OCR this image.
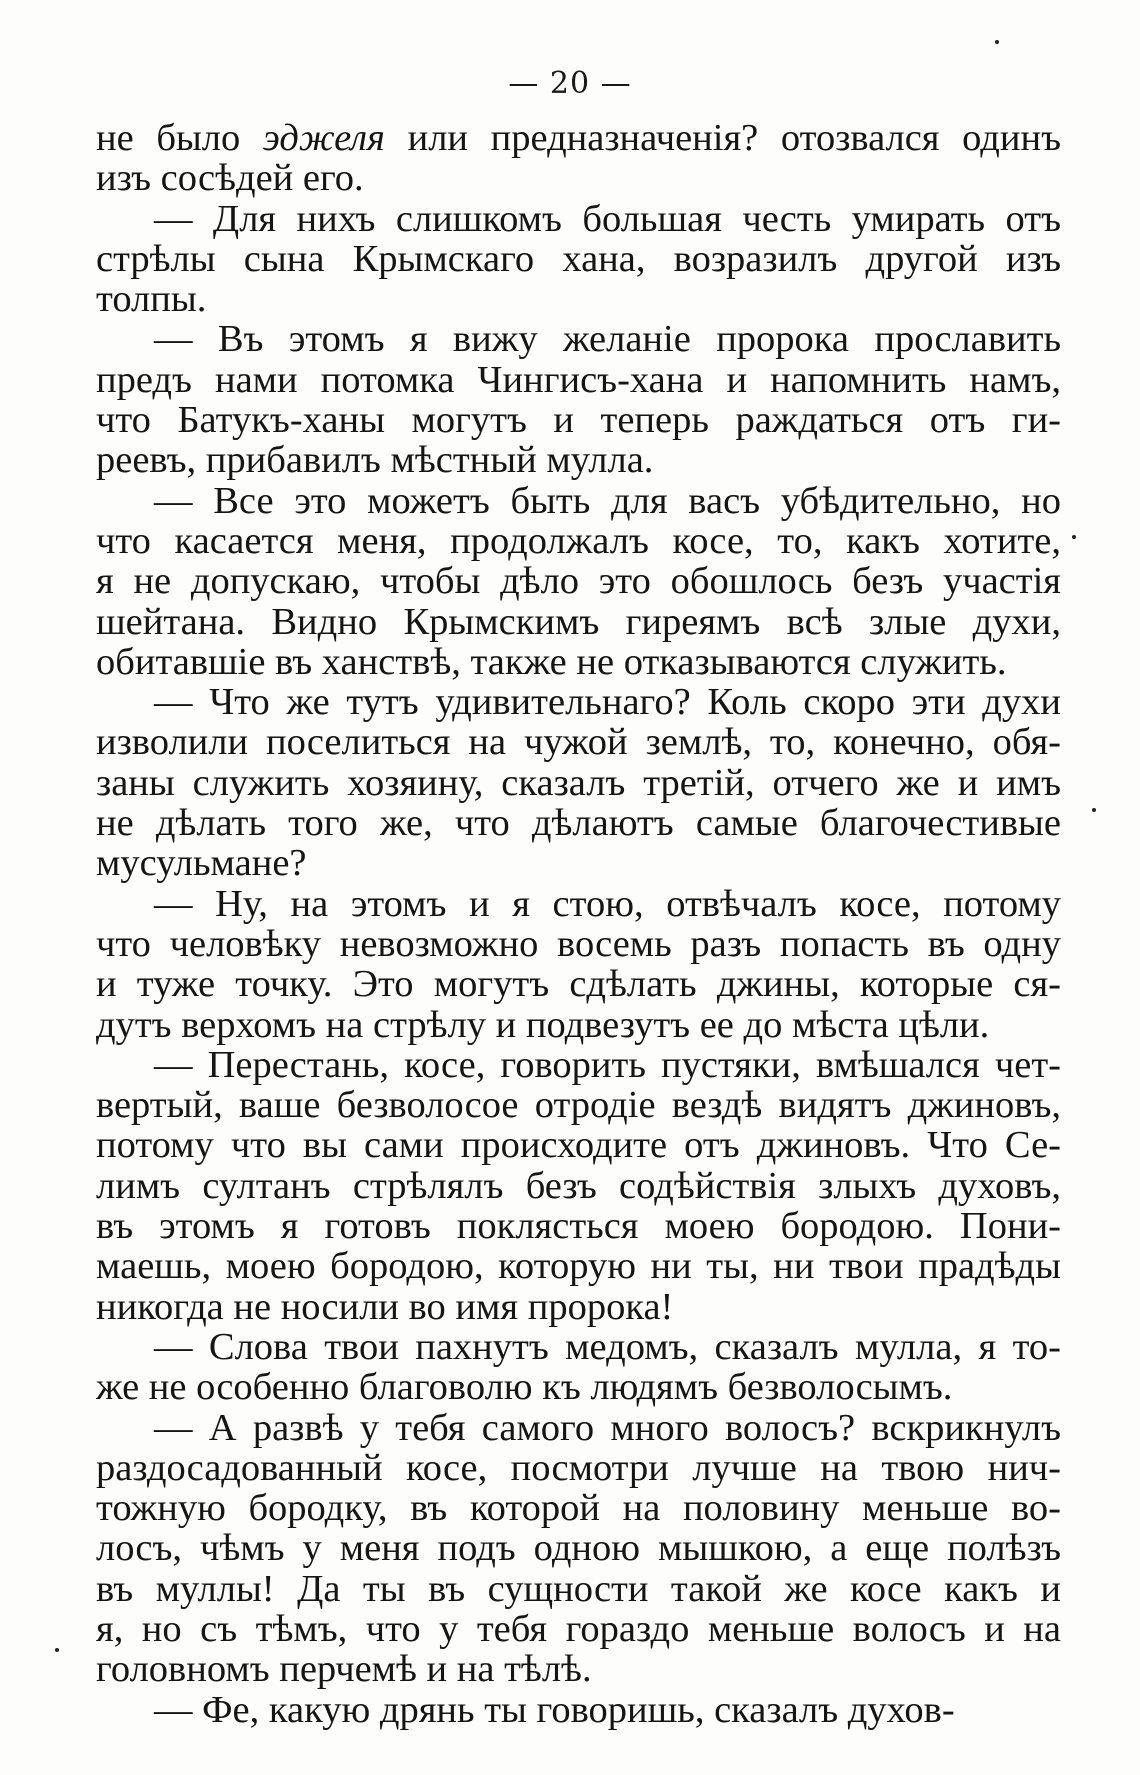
— 20 —
не было эджеля или предназначенія? отозвался одинъ
изъ сосѣдей его.
— Для нихъ слишкомъ большая честь умирать отъ
стрѣлы сына Крымскаго хана, возразилъ другой изъ
толпы.
— Въ этомъ я вижу желаніе пророка прославить
предъ нами потомка Чингисъ-хана и напомнить намъ,
что Батукъ-ханы могутъ и теперь раждаться отъ ги-
реевъ, прибавилъ мѣстный мулла.
— Все это можетъ быть для васъ убѣдительно, но
что касается меня, продолжалъ косе, то, какъ хотите,
я не допускаю, чтобы дѣло это обошлось безъ участія
шейтана. Видно Крымскимъ гиреямъ всѣ злые духи,
обитавшіе въ ханствѣ, также не отказываются служить.
— Что же тутъ удивительнаго? Коль скоро эти духи
изволили поселиться на чужой землѣ, то, конечно, обя-
заны служить хозяину, сказалъ третій, отчего же и имъ
не дѣлать того же, что дѣлаютъ самые благочестивые
мусульмане?
— Ну, на этомъ и я стою, отвѣчалъ косе, потому
что человѣку невозможно восемь разъ попасть въ одну
и туже точку. Это могутъ сдѣлать джины, которые ся-
дутъ верхомъ на стрѣлу и подвезутъ ее до мѣста цѣли.
— Перестань, косе, говорить пустяки, вмѣшался чет-
вертый, ваше безволосое отродіе вездѣ видятъ джиновъ,
потому что вы сами происходите отъ джиновъ. Что Се-
лимъ султанъ стрѣлялъ безъ содѣйствія злыхъ духовъ,
въ этомъ я готовъ поклясться моею бородою. Пони-
маешь, моею бородою, которую ни ты, ни твои прадѣды
никогда не носили во имя пророка!
— Слова твои пахнутъ медомъ, сказалъ мулла, я то-
же не особенно благоволю къ людямъ безволосымъ.
— А развѣ у тебя самого много волосъ? вскрикнулъ
раздосадованный косе, посмотри лучше на твою нич-
тожную бородку, въ которой на половину меньше во-
лосъ, чѣмъ у меня подъ одною мышкою, а еще полѣзъ
въ муллы! Да ты въ сущности такой же косе какъ и
я, но съ тѣмъ, что у тебя гораздо меньше волосъ и на
головномъ перчемѣ и на тѣлѣ.
— Фе, какую дрянь ты говоришь, сказалъ духов-
